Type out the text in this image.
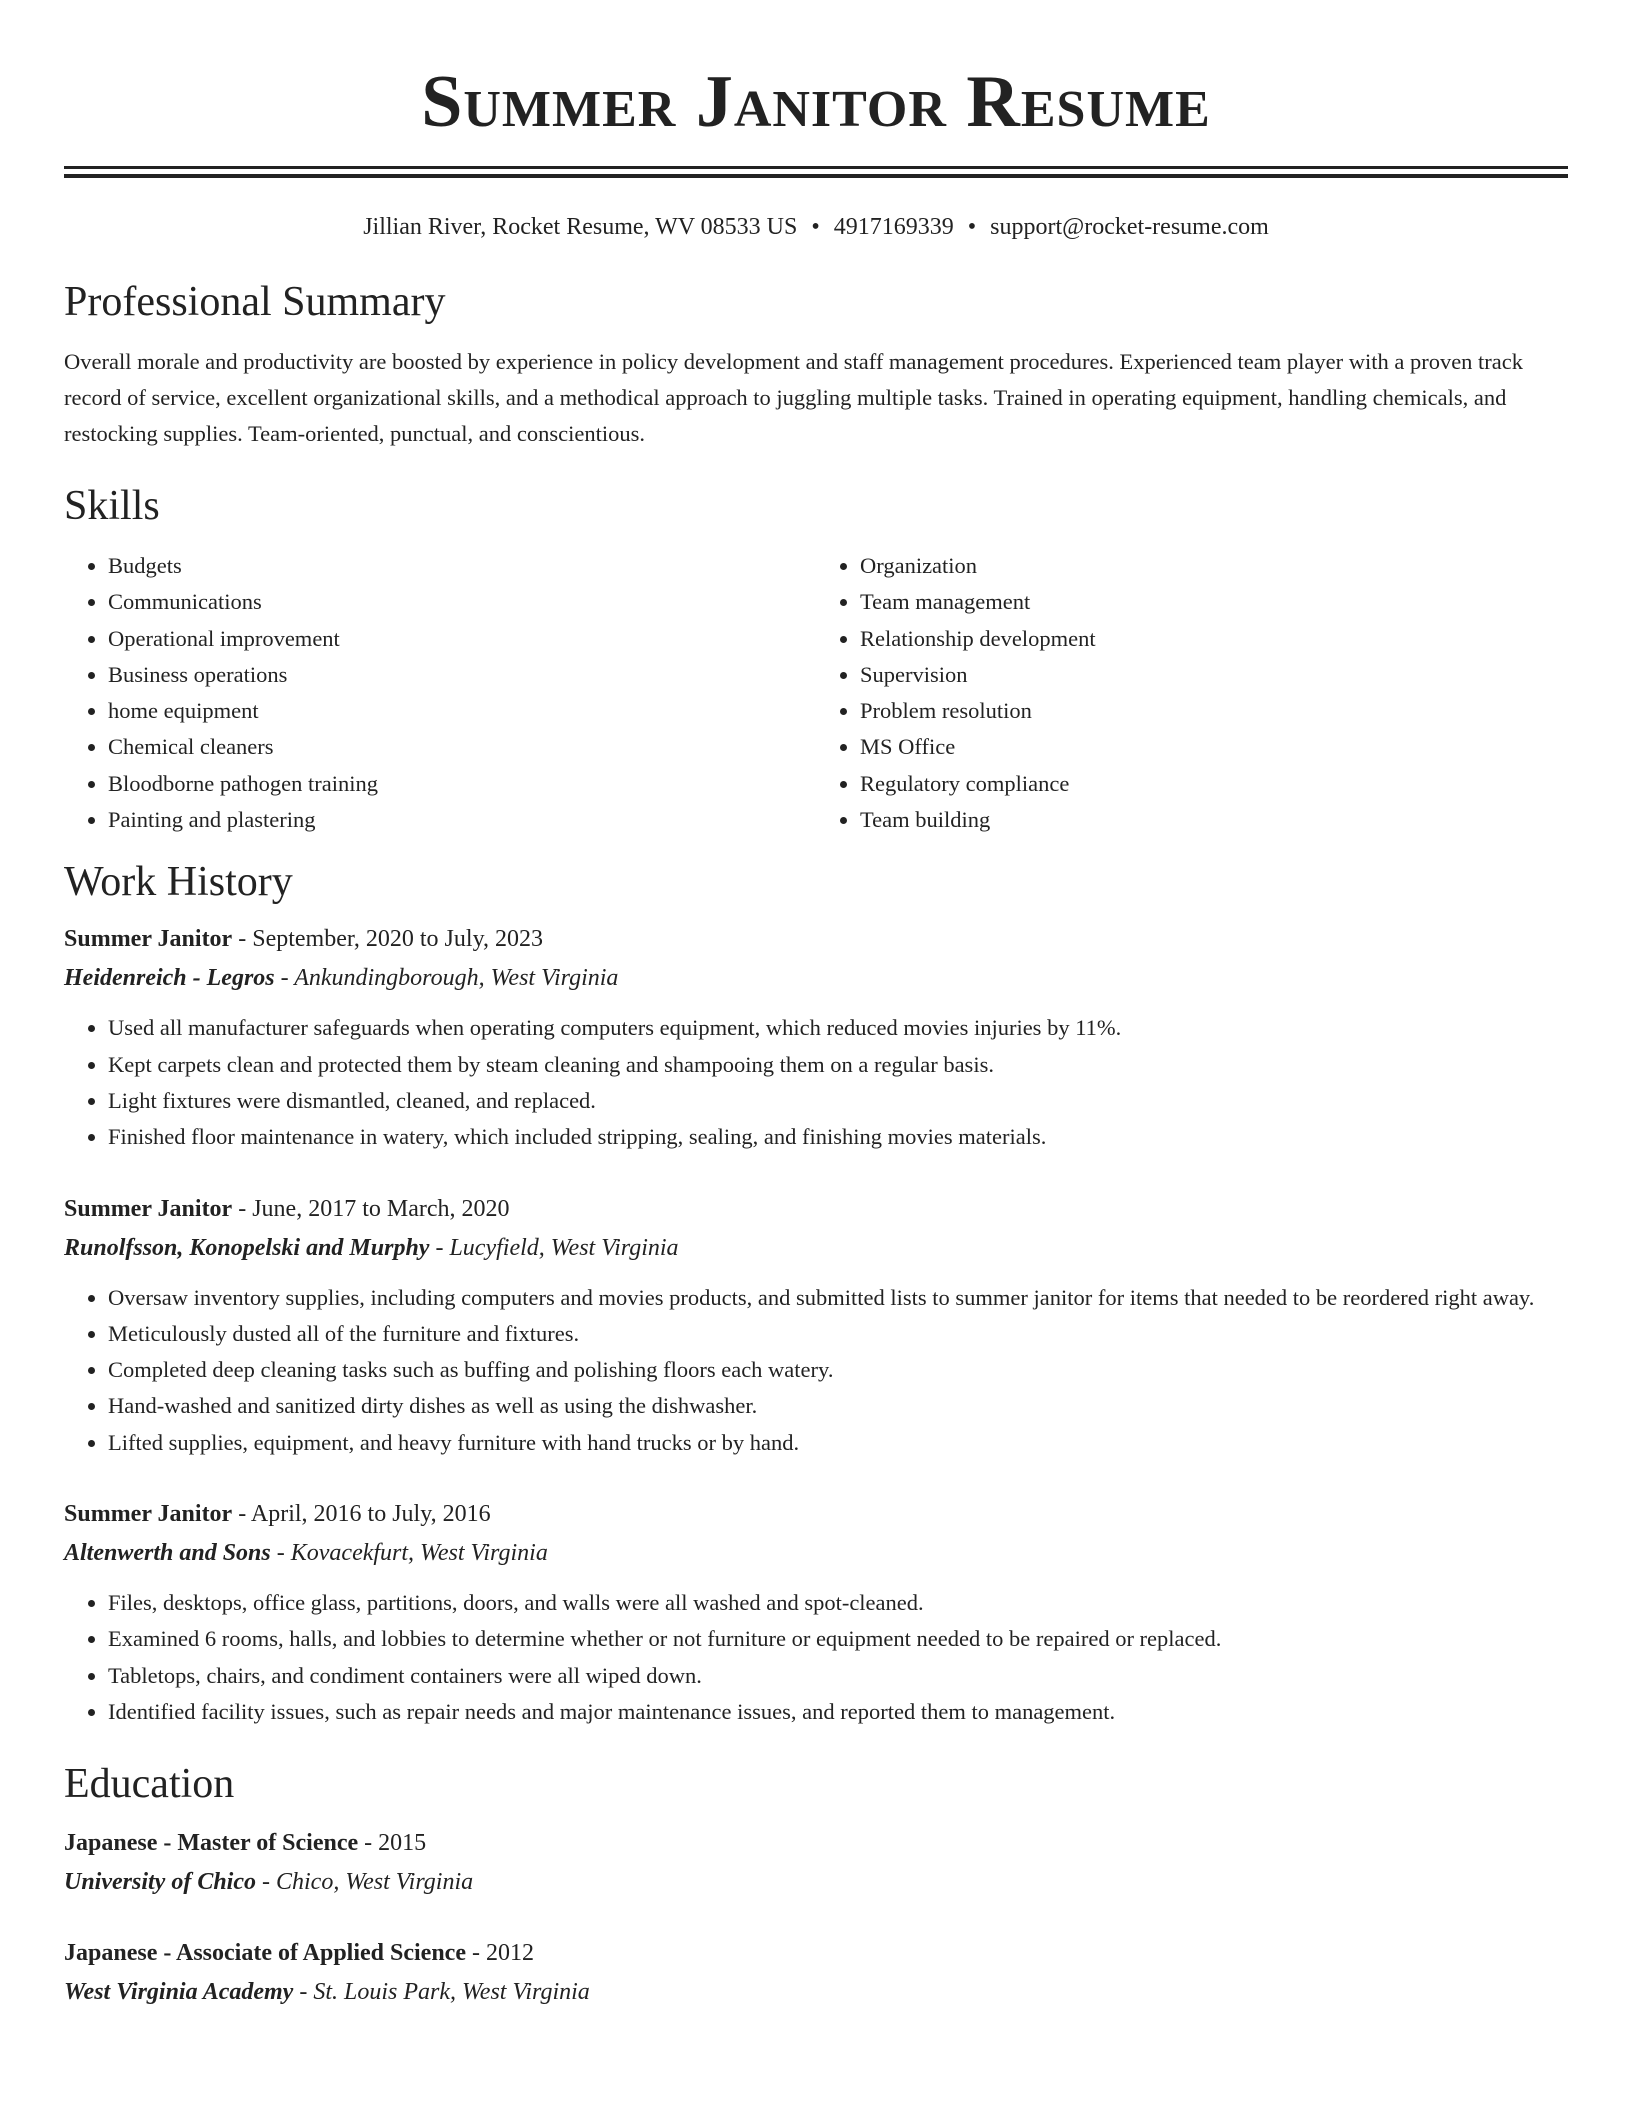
Summer Janitor Resume
Jillian River, Rocket Resume, WV 08533 US • 4917169339 • support@rocket-resume.com
Professional Summary
Overall morale and productivity are boosted by experience in policy development and staff management procedures. Experienced team player with a proven track record of service, excellent organizational skills, and a methodical approach to juggling multiple tasks. Trained in operating equipment, handling chemicals, and restocking supplies. Team-oriented, punctual, and conscientious.
Skills
• Budgets
• Communications
• Operational improvement
• Business operations
• home equipment
• Chemical cleaners
• Bloodborne pathogen training
• Painting and plastering
• Organization
• Team management
• Relationship development
• Supervision
• Problem resolution
• MS Office
• Regulatory compliance
• Team building
Work History
Summer Janitor - September, 2020 to July, 2023
Heidenreich - Legros - Ankundingborough, West Virginia
• Used all manufacturer safeguards when operating computers equipment, which reduced movies injuries by 11%.
• Kept carpets clean and protected them by steam cleaning and shampooing them on a regular basis.
• Light fixtures were dismantled, cleaned, and replaced.
• Finished floor maintenance in watery, which included stripping, sealing, and finishing movies materials.
Summer Janitor - June, 2017 to March, 2020
Runolfsson, Konopelski and Murphy - Lucyfield, West Virginia
• Oversaw inventory supplies, including computers and movies products, and submitted lists to summer janitor for items that needed to be reordered right away.
• Meticulously dusted all of the furniture and fixtures.
• Completed deep cleaning tasks such as buffing and polishing floors each watery.
• Hand-washed and sanitized dirty dishes as well as using the dishwasher.
• Lifted supplies, equipment, and heavy furniture with hand trucks or by hand.
Summer Janitor - April, 2016 to July, 2016
Altenwerth and Sons - Kovacekfurt, West Virginia
• Files, desktops, office glass, partitions, doors, and walls were all washed and spot-cleaned.
• Examined 6 rooms, halls, and lobbies to determine whether or not furniture or equipment needed to be repaired or replaced.
• Tabletops, chairs, and condiment containers were all wiped down.
• Identified facility issues, such as repair needs and major maintenance issues, and reported them to management.
Education
Japanese - Master of Science - 2015
University of Chico - Chico, West Virginia
Japanese - Associate of Applied Science - 2012
West Virginia Academy - St. Louis Park, West Virginia
